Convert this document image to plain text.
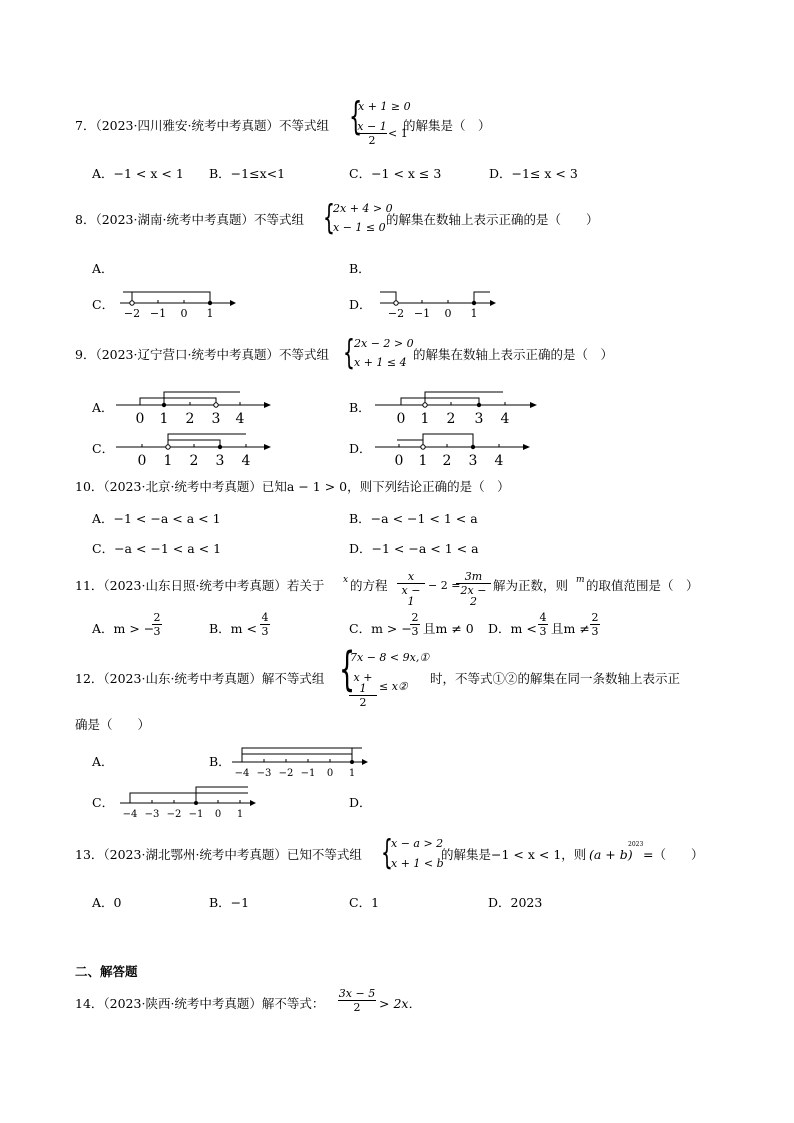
7．（2023·四川雅安·统考中考真题）不等式组 {
x + 1 ≥ 0
x − 1
2
< 1
的解集是（　）
A．−1 < x < 1 B．−1≤x<1	C．−1 < x ≤ 3	D．−1≤ x < 3
8．（2023·湖南·统考中考真题）不等式组 {
2x + 4 > 0
x − 1 ≤ 0
的解集在数轴上表示正确的是（　　）
A．	B．
C．	D．
−2 −1 0 1	−2 −1 0 1
9．（2023·辽宁营口·统考中考真题）不等式组 { 2x − 2 > 0
x + 1 ≤ 4
的解集在数轴上表示正确的是（　）
A．	B．
C．	D．
0 1 2 3 4	0 1 2 3 4
0 1 2 3 4	0 1 2 3 4
10．（2023·北京·统考中考真题）已知a − 1 > 0，则下列结论正确的是（　）
A．−1 < −a < a < 1	B．−a < −1 < 1 < a
C．−a < −1 < a < 1	D．−1 < −a < 1 < a
11．（2023·山东日照·统考中考真题）若关于 x 的方程
x
x − 1
− 2 =
3m
2x − 2
解为正数，则 m 的取值范围是（　）
A．m > −
2
3	B．m <
4
3	C．m > −
2
3 且m ≠ 0 D．m <
4
3 且m ≠
2
3
12．（2023·山东·统考中考真题）解不等式组 {
7x − 8 < 9x,①
x + 1
2
≤ x②
时，不等式①②的解集在同一条数轴上表示正
确是（　　）
A．	B．
C．	D．
−4 −3 −2 −1 0 1
−4 −3 −2 −1 0 1
13．（2023·湖北鄂州·统考中考真题）已知不等式组 {
x − a > 2
x + 1 < b
的解集是−1 < x < 1，则 (a + b)
2023
=（　　）
A．0	B．−1	C．1	D．2023
二、解答题
14．（2023·陕西·统考中考真题）解不等式：
3x − 5
2	> 2x．
